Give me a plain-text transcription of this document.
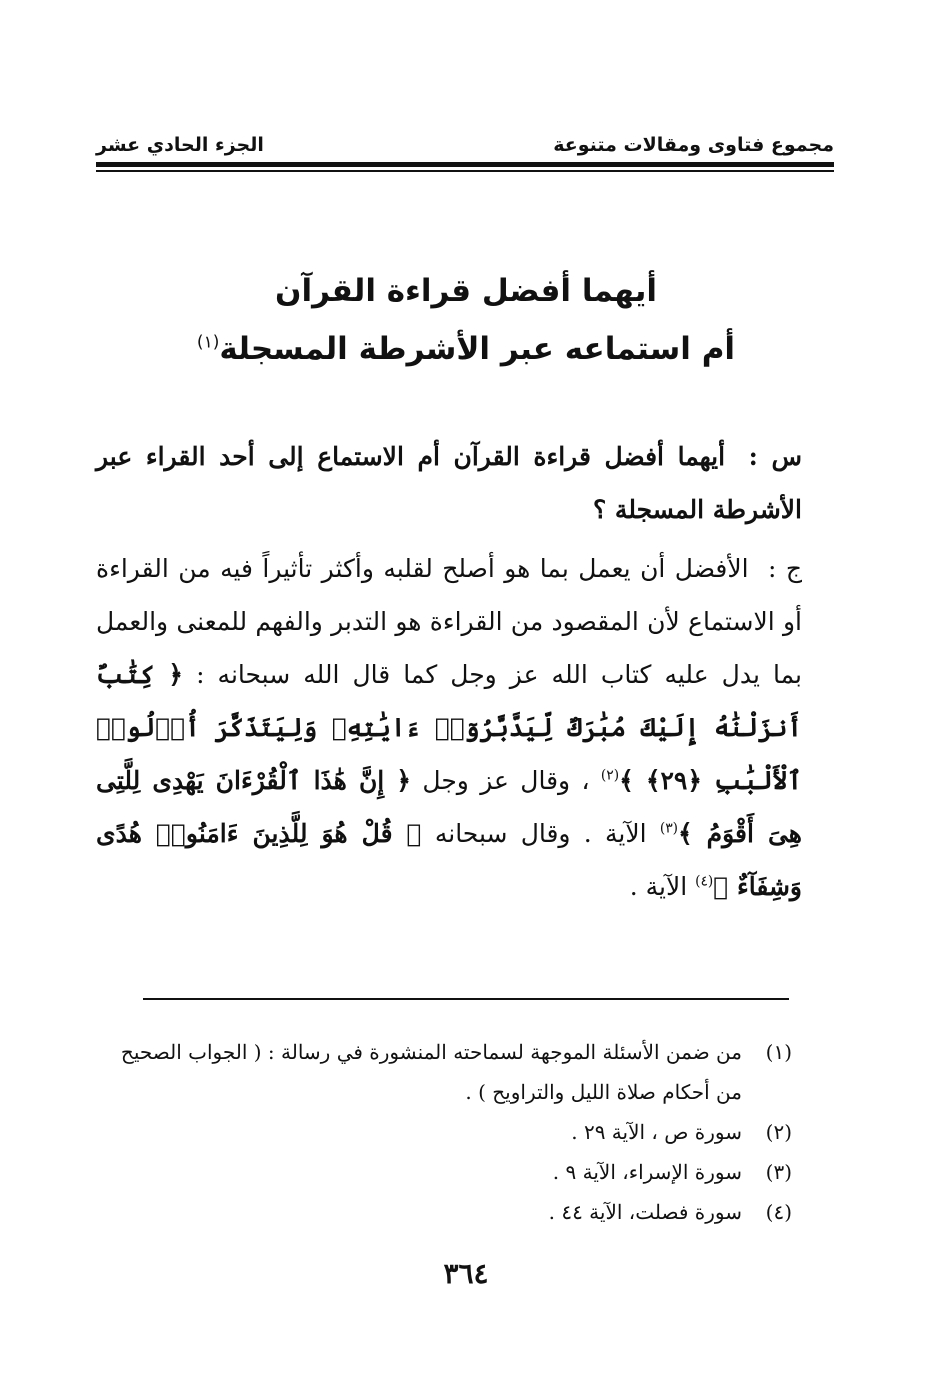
مجموع فتاوى ومقالات متنوعة
الجزء الحادي عشر
أيهما أفضل قراءة القرآن
أم استماعه عبر الأشرطة المسجلة$^{(١)}$

س : أيهما أفضل قراءة القرآن أم الاستماع إلى أحد القراء عبر الأشرطة المسجلة ؟

ج : الأفضل أن يعمل بما هو أصلح لقلبه وأكثر تأثيراً فيه من القراءة أو الاستماع لأن المقصود من القراءة هو التدبر والفهم للمعنى والعمل بما يدل عليه كتاب الله عز وجل كما قال الله سبحانه : ﴿ كِتَٰبٌ أَنزَلْنَٰهُ إِلَيْكَ مُبَٰرَكٌ لِّيَدَّبَّرُوٓا۟ ءَايَٰتِهِۦ وَلِيَتَذَكَّرَ أُو۟لُوا۟ ٱلْأَلْبَٰبِ ﴿٢٩﴾ ﴾$^{(٢)}$ ، وقال عز وجل ﴿ إِنَّ هَٰذَا ٱلْقُرْءَانَ يَهْدِى لِلَّتِى هِىَ أَقْوَمُ ﴾$^{(٣)}$ الآية . وقال سبحانه ﴿ قُلْ هُوَ لِلَّذِينَ ءَامَنُوا۟ هُدًى وَشِفَآءٌ ﴾$^{(٤)}$ الآية .

(١)
من ضمن الأسئلة الموجهة لسماحته المنشورة في رسالة : ( الجواب الصحيح من أحكام صلاة الليل والتراويح ) .
(٢)
سورة ص ، الآية ٢٩ .
(٣)
سورة الإسراء، الآية ٩ .
(٤)
سورة فصلت، الآية ٤٤ .
٣٦٤
